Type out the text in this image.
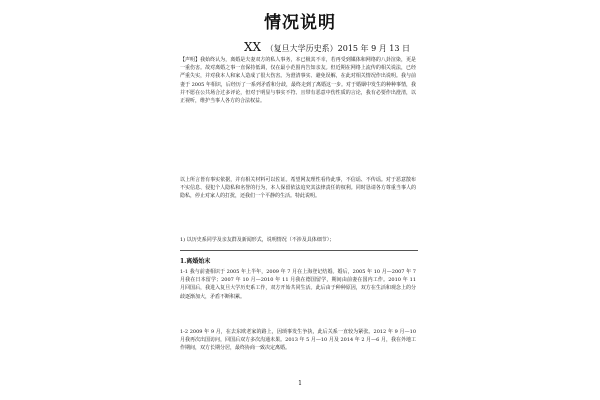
情况说明
XX （复旦大学历史系）2015 年 9 月 13 日
【声明】我始终认为，离婚是夫妻双方的私人事务，本已极其不幸，若再受到媒体和网络的八卦渲染，更是一重伤害。故对离婚之事一直保持低调，仅在最小范围内告知亲友。但近期在网络上流传的相关说法，已经严重失实，并对我本人和家人造成了很大伤害。为澄清事实、避免误解，在此对相关情况作出说明。我与前妻于 2005 年相识，后经历了一系列矛盾和分歧，最终走到了离婚这一步。对于婚姻中发生的种种事情，我并不愿在公共场合过多评论，但对于明显与事实不符、且带有恶意中伤性质的言论，我有必要作出澄清，以正视听，维护当事人各方的合法权益。
以上所言皆有事实依据，并有相关材料可以佐证。希望网友理性看待此事，不信谣、不传谣。对于恶意散布不实信息、侵犯个人隐私和名誉的行为，本人保留依法追究其法律责任的权利。同时恳请各方尊重当事人的隐私，停止对家人的打扰，还我们一个平静的生活。特此说明。
1) 以历史系同学及亲友群及新闻形式，说明情况（不涉及具体细节）；
1.离婚始末
1-1 我与前妻相识于 2005 年上半年，2009 年 7 月在上海登记结婚。婚后，2005 年 10 月—2007 年 7 月我在日本留学；2007 年 10 月—2010 年 11 月我在德国留学，期间由前妻在国内工作。2010 年 11 月回国后，我进入复旦大学历史系工作，双方开始共同生活。此后由于种种原因，双方在生活和观念上的分歧逐渐加大，矛盾不断积累。
1-2 2009 年 9 月，在去东欧老家的路上，因琐事发生争执，此后关系一直较为紧张。2012 年 9 月—10 月我再次出国访问，回国后双方多次沟通未果。2013 年 5 月—10 月及 2014 年 2 月—6 月，我在外地工作期间，双方长期分居，最终协商一致决定离婚。
1
